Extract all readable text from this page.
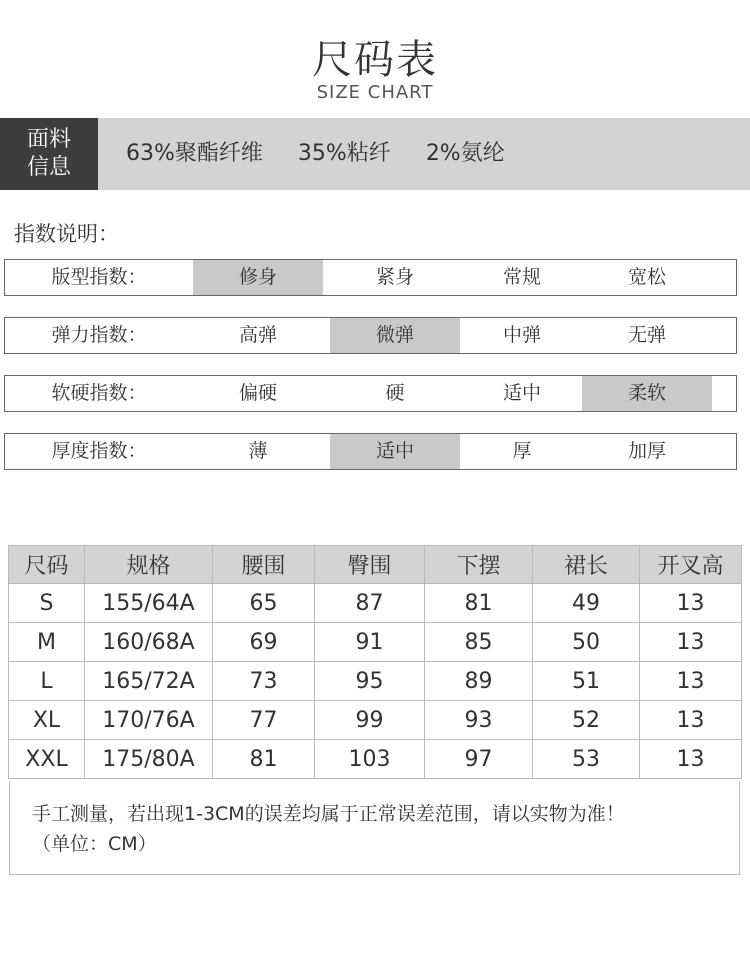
尺码表
SIZE CHART
面料
信息
63%聚酯纤维 35%粘纤 2%氨纶
指数说明：
版型指数：	修身	紧身	常规	宽松
弹力指数：	高弹	微弹	中弹	无弹
软硬指数：	偏硬	硬	适中	柔软
厚度指数：	薄	适中	厚	加厚
尺码	规格	腰围	臀围	下摆	裙长	开叉高
S	155/64A	65	87	81	49	13
M	160/68A	69	91	85	50	13
L	165/72A	73	95	89	51	13
XL	170/76A	77	99	93	52	13
XXL	175/80A	81	103	97	53	13
手工测量，若出现1-3CM的误差均属于正常误差范围，请以实物为准！
（单位：CM）
